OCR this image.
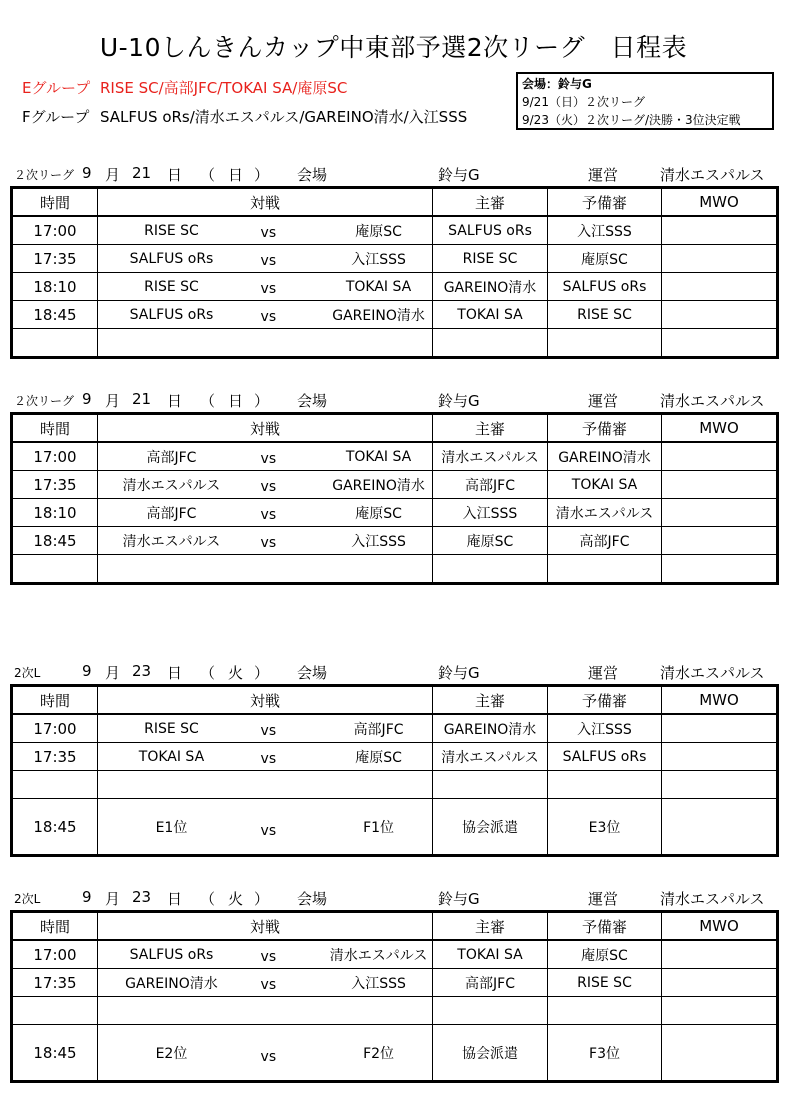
U-10しんきんカップ中東部予選2次リーグ　日程表
Eグループ RISE SC/高部JFC/TOKAI SA/庵原SC
Fグループ SALFUS oRs/清水エスパルス/GAREINO清水/入江SSS
会場：鈴与G
9/21（日）２次リーグ
9/23（火）２次リーグ/決勝・3位決定戦
２次リーグ 9 月 21 日 （ 日 ） 会場	鈴与G	運営	清水エスパルス
時間	対戦	主審	予備審	MWO
17:00	RISE SC vs 庵原SC	SALFUS oRs	入江SSS	
17:35	SALFUS oRs vs 入江SSS	RISE SC	庵原SC	
18:10	RISE SC vs TOKAI SA	GAREINO清水	SALFUS oRs	
18:45	SALFUS oRs vs GAREINO清水	TOKAI SA	RISE SC	

２次リーグ 9 月 21 日 （ 日 ） 会場	鈴与G	運営	清水エスパルス
時間	対戦	主審	予備審	MWO
17:00	高部JFC vs TOKAI SA	清水エスパルス	GAREINO清水	
17:35	清水エスパルス vs GAREINO清水	高部JFC	TOKAI SA	
18:10	高部JFC vs 庵原SC	入江SSS	清水エスパルス	
18:45	清水エスパルス vs 入江SSS	庵原SC	高部JFC	

2次L	9 月 23 日 （ 火 ） 会場	鈴与G	運営	清水エスパルス
時間	対戦	主審	予備審	MWO
17:00	RISE SC vs 高部JFC	GAREINO清水	入江SSS	
17:35	TOKAI SA vs 庵原SC	清水エスパルス	SALFUS oRs	

18:45	E1位 vs F1位	協会派遣	E3位	
2次L	9 月 23 日 （ 火 ） 会場	鈴与G	運営	清水エスパルス
時間	対戦	主審	予備審	MWO
17:00	SALFUS oRs vs 清水エスパルス	TOKAI SA	庵原SC	
17:35	GAREINO清水 vs 入江SSS	高部JFC	RISE SC	

18:45	E2位 vs F2位	協会派遣	F3位	
